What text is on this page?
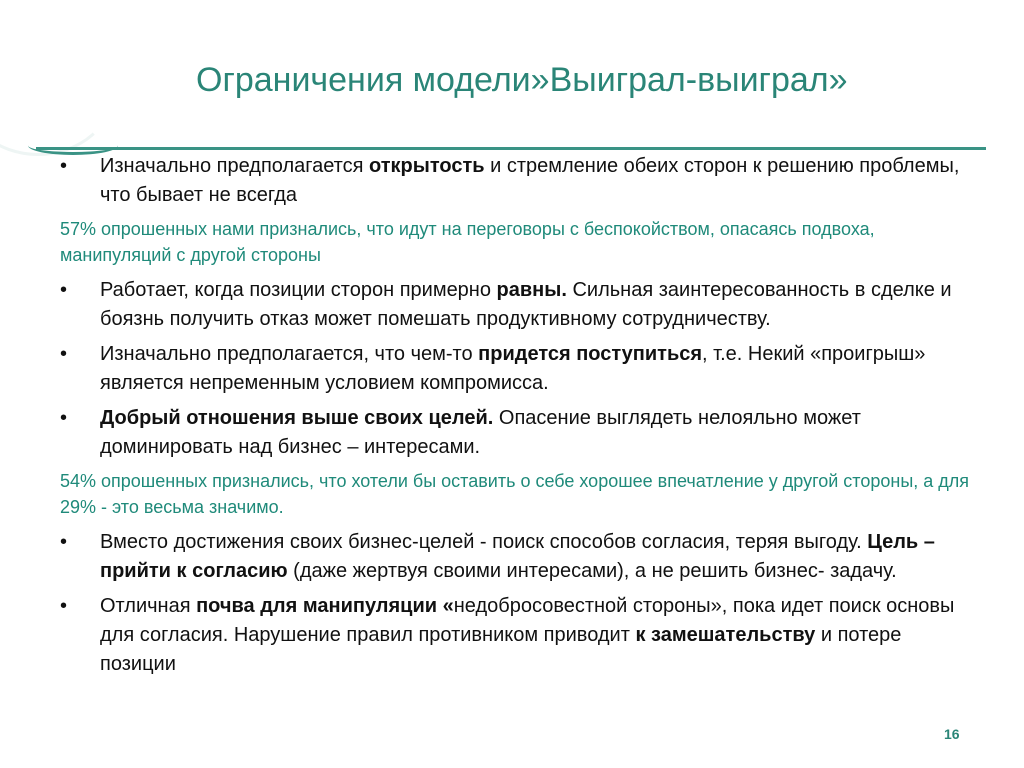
Ограничения модели»Выиграл-выиграл»
• Изначально предполагается открытость и стремление обеих сторон к решению проблемы, что бывает не всегда
57% опрошенных нами признались, что идут на переговоры с беспокойством, опасаясь подвоха, манипуляций с другой стороны
• Работает, когда позиции сторон примерно равны. Сильная заинтересованность в сделке и боязнь получить отказ может помешать продуктивному сотрудничеству.
• Изначально предполагается, что чем-то придется поступиться, т.е. Некий «проигрыш» является непременным условием компромисса.
• Добрый отношения выше своих целей. Опасение выглядеть нелояльно может доминировать над бизнес – интересами.
54% опрошенных признались, что хотели бы оставить о себе хорошее впечатление у другой стороны, а для 29% - это весьма значимо.
• Вместо достижения своих бизнес-целей - поиск способов согласия, теряя выгоду. Цель – прийти к согласию (даже жертвуя своими интересами), а не решить бизнес- задачу.
• Отличная почва для манипуляции «недобросовестной стороны», пока идет поиск основы для согласия. Нарушение правил противником приводит к замешательству и потере позиции
16
